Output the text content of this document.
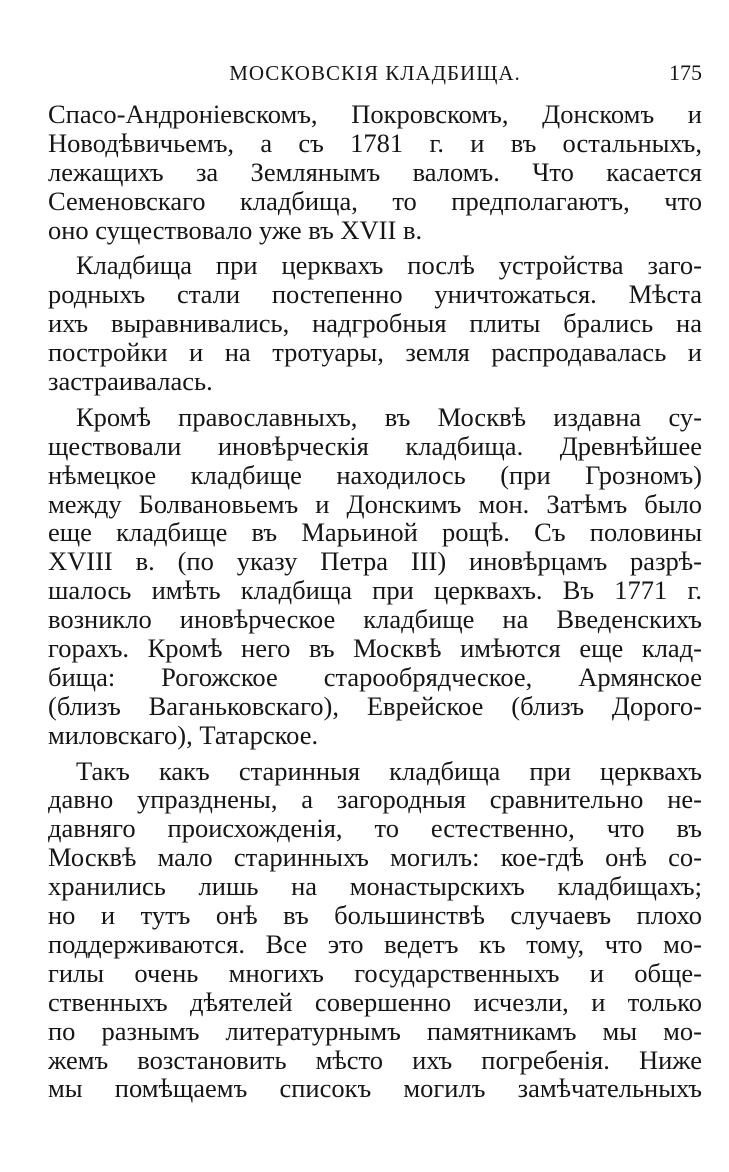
МОСКОВСКІЯ КЛАДБИЩА.	175
Спасо-Андроніевскомъ, Покровскомъ, Донскомъ и
Новодѣвичьемъ, а съ 1781 г. и въ остальныхъ,
лежащихъ за Землянымъ валомъ. Что касается
Семеновскаго кладбища, то предполагаютъ, что
оно существовало уже въ XVII в.
Кладбища при церквахъ послѣ устройства заго-
родныхъ стали постепенно уничтожаться. Мѣста
ихъ выравнивались, надгробныя плиты брались на
постройки и на тротуары, земля распродавалась и
застраивалась.
Кромѣ православныхъ, въ Москвѣ издавна су-
ществовали иновѣрческія кладбища. Древнѣйшее
нѣмецкое кладбище находилось (при Грозномъ)
между Болвановьемъ и Донскимъ мон. Затѣмъ было
еще кладбище въ Марьиной рощѣ. Съ половины
XVIII в. (по указу Петра III) иновѣрцамъ разрѣ-
шалось имѣть кладбища при церквахъ. Въ 1771 г.
возникло иновѣрческое кладбище на Введенскихъ
горахъ. Кромѣ него въ Москвѣ имѣются еще клад-
бища: Рогожское старообрядческое, Армянское
(близъ Ваганьковскаго), Еврейское (близъ Дорого-
миловскаго), Татарское.
Такъ какъ старинныя кладбища при церквахъ
давно упразднены, а загородныя сравнительно не-
давняго происхожденія, то естественно, что въ
Москвѣ мало старинныхъ могилъ: кое-гдѣ онѣ со-
хранились лишь на монастырскихъ кладбищахъ;
но и тутъ онѣ въ большинствѣ случаевъ плохо
поддерживаются. Все это ведетъ къ тому, что мо-
гилы очень многихъ государственныхъ и обще-
ственныхъ дѣятелей совершенно исчезли, и только
по разнымъ литературнымъ памятникамъ мы мо-
жемъ возстановить мѣсто ихъ погребенія. Ниже
мы помѣщаемъ списокъ могилъ замѣчательныхъ
